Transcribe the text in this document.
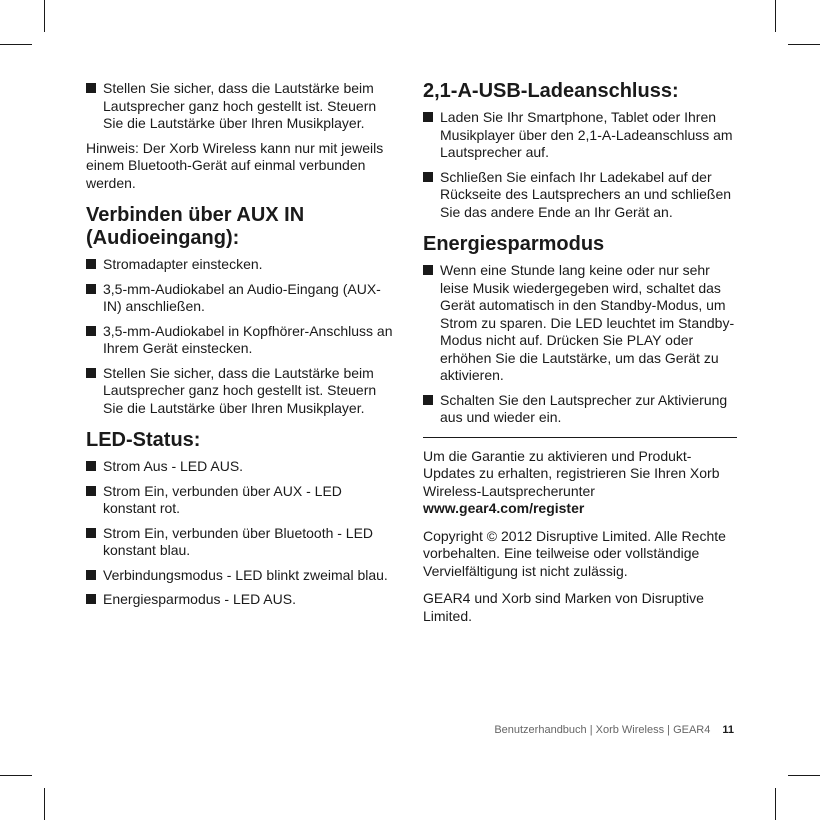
Stellen Sie sicher, dass die Lautstärke beim Lautsprecher ganz hoch gestellt ist. Steuern Sie die Lautstärke über Ihren Musikplayer.

Hinweis: Der Xorb Wireless kann nur mit jeweils einem Bluetooth-Gerät auf einmal verbunden werden.

Verbinden über AUX IN (Audioeingang):
Stromadapter einstecken.
3,5-mm-Audiokabel an Audio-Eingang (AUX-IN) anschließen.
3,5-mm-Audiokabel in Kopfhörer-Anschluss an Ihrem Gerät einstecken.
Stellen Sie sicher, dass die Lautstärke beim Lautsprecher ganz hoch gestellt ist. Steuern Sie die Lautstärke über Ihren Musikplayer.
LED-Status:
Strom Aus - LED AUS.
Strom Ein, verbunden über AUX - LED konstant rot.
Strom Ein, verbunden über Bluetooth - LED konstant blau.
Verbindungsmodus - LED blinkt zweimal blau.
Energiesparmodus - LED AUS.
2,1-A-USB-Ladeanschluss:
Laden Sie Ihr Smartphone, Tablet oder Ihren Musikplayer über den 2,1-A-Ladeanschluss am Lautsprecher auf.
Schließen Sie einfach Ihr Ladekabel auf der Rückseite des Lautsprechers an und schließen Sie das andere Ende an Ihr Gerät an.
Energiesparmodus
Wenn eine Stunde lang keine oder nur sehr leise Musik wiedergegeben wird, schaltet das Gerät automatisch in den Standby-Modus, um Strom zu sparen. Die LED leuchtet im Standby-Modus nicht auf. Drücken Sie PLAY oder erhöhen Sie die Lautstärke, um das Gerät zu aktivieren.
Schalten Sie den Lautsprecher zur Aktivierung aus und wieder ein.

Um die Garantie zu aktivieren und Produkt-Updates zu erhalten, registrieren Sie Ihren Xorb Wireless-Lautsprecherunter
www.gear4.com/register

Copyright © 2012 Disruptive Limited. Alle Rechte vorbehalten. Eine teilweise oder vollständige Vervielfältigung ist nicht zulässig.

GEAR4 und Xorb sind Marken von Disruptive Limited.

Benutzerhandbuch | Xorb Wireless | GEAR4 11
